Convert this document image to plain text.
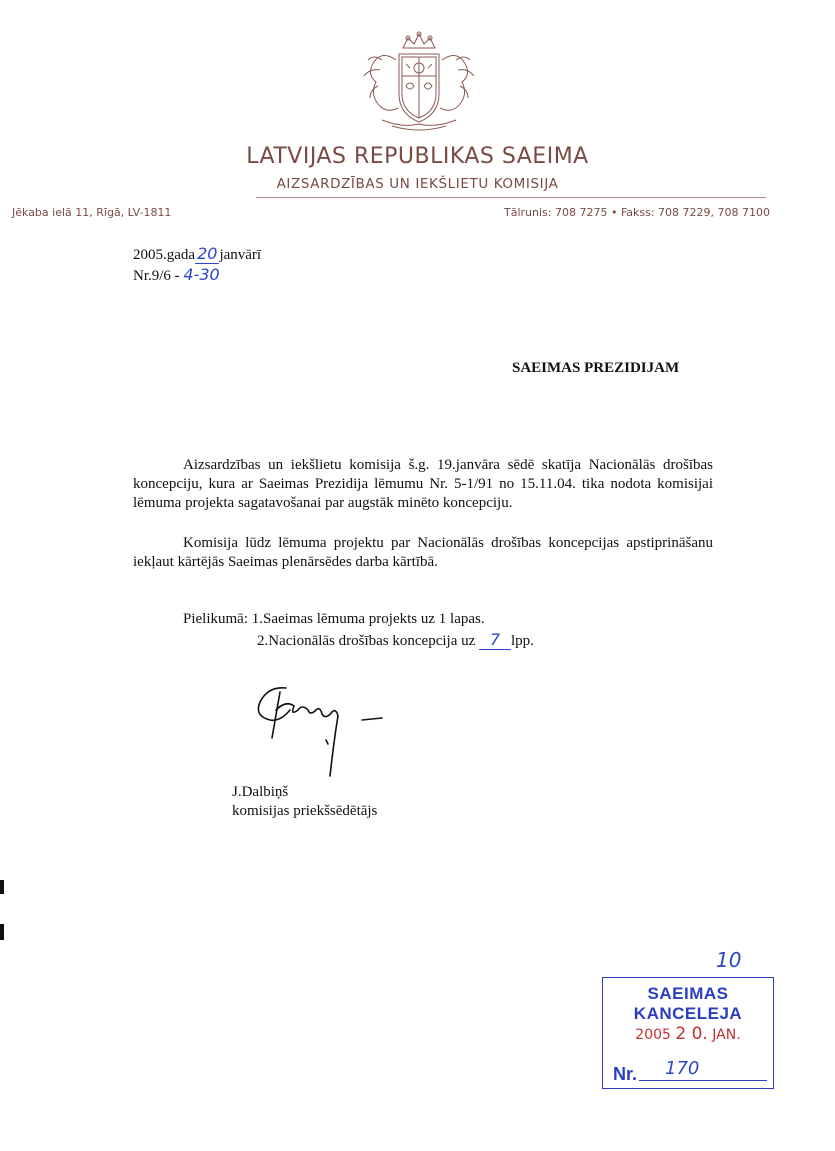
LATVIJAS REPUBLIKAS SAEIMA
AIZSARDZĪBAS UN IEKŠLIETU KOMISIJA
Jēkaba ielā 11, Rīgā, LV-1811	Tālrunis: 708 7275 • Fakss: 708 7229, 708 7100
2005.gada 20 janvārī
Nr.9/6 - 4-30
SAEIMAS PREZIDIJAM
Aizsardzības un iekšlietu komisija š.g. 19.janvāra sēdē skatīja Nacionālās drošības koncepciju, kura ar Saeimas Prezidija lēmumu Nr. 5-1/91 no 15.11.04. tika nodota komisijai lēmuma projekta sagatavošanai par augstāk minēto koncepciju.
Komisija lūdz lēmuma projektu par Nacionālās drošības koncepcijas apstiprināšanu iekļaut kārtējās Saeimas plenārsēdes darba kārtībā.
Pielikumā: 1.Saeimas lēmuma projekts uz 1 lapas.
2.Nacionālās drošības koncepcija uz 7 lpp.
J.Dalbiņš
komisijas priekšsēdētājs
10
SAEIMAS KANCELEJA
2005 2 0. JAN.
Nr. 170
